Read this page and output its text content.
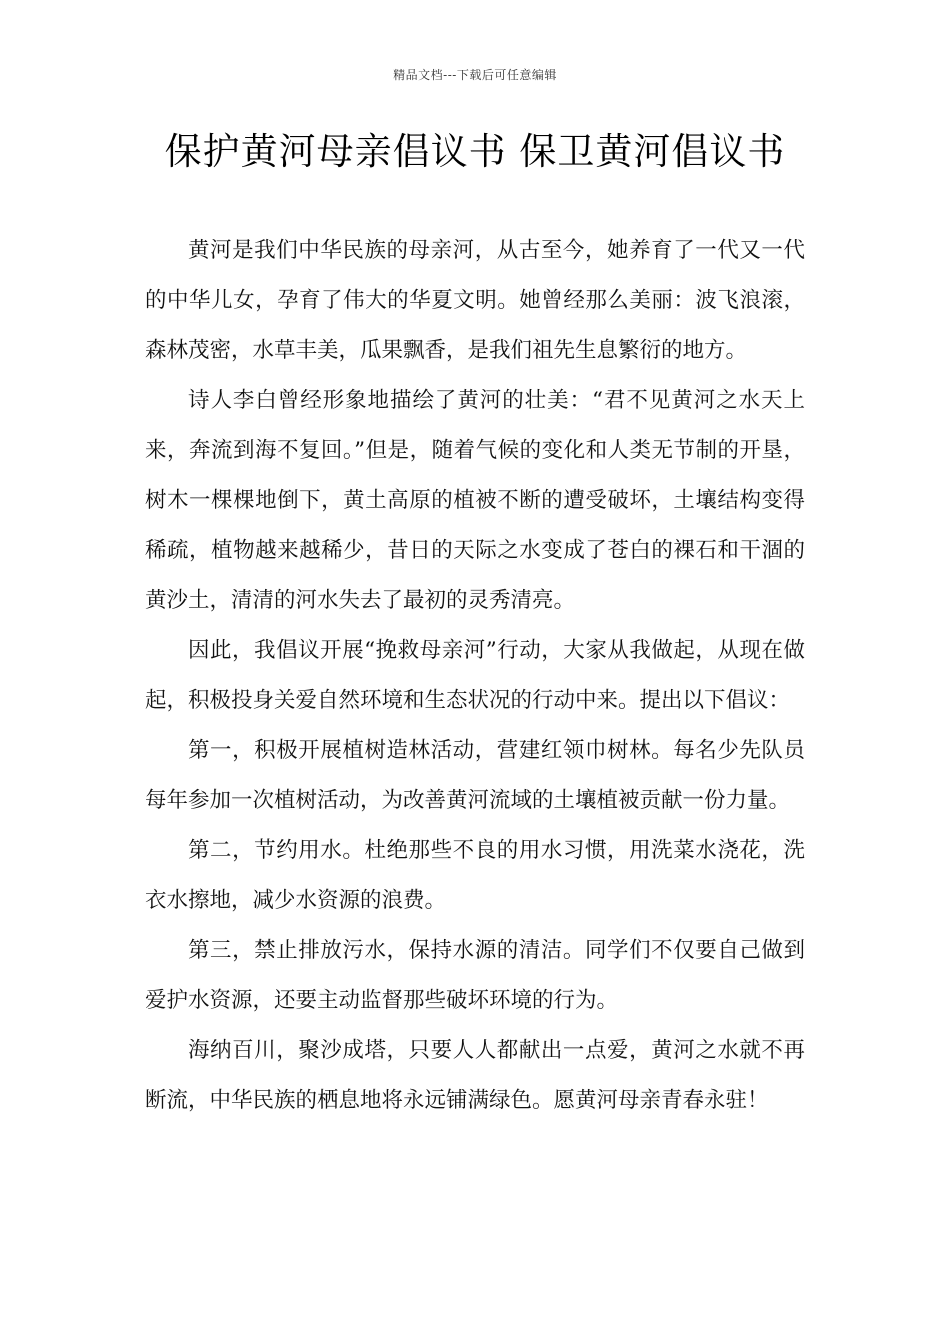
精品文档---下载后可任意编辑
保护黄河母亲倡议书 保卫黄河倡议书

黄河是我们中华民族的母亲河，从古至今，她养育了一代又一代的中华儿女，孕育了伟大的华夏文明。她曾经那么美丽：波飞浪滚，森林茂密，水草丰美，瓜果飘香，是我们祖先生息繁衍的地方。

诗人李白曾经形象地描绘了黄河的壮美：“君不见黄河之水天上来，奔流到海不复回。”但是，随着气候的变化和人类无节制的开垦，树木一棵棵地倒下，黄土高原的植被不断的遭受破坏，土壤结构变得稀疏，植物越来越稀少，昔日的天际之水变成了苍白的裸石和干涸的黄沙土，清清的河水失去了最初的灵秀清亮。

因此，我倡议开展“挽救母亲河”行动，大家从我做起，从现在做起，积极投身关爱自然环境和生态状况的行动中来。提出以下倡议：

第一，积极开展植树造林活动，营建红领巾树林。每名少先队员每年参加一次植树活动，为改善黄河流域的土壤植被贡献一份力量。

第二，节约用水。杜绝那些不良的用水习惯，用洗菜水浇花，洗衣水擦地，减少水资源的浪费。

第三，禁止排放污水，保持水源的清洁。同学们不仅要自己做到爱护水资源，还要主动监督那些破坏环境的行为。

海纳百川，聚沙成塔，只要人人都献出一点爱，黄河之水就不再断流，中华民族的栖息地将永远铺满绿色。愿黄河母亲青春永驻！
